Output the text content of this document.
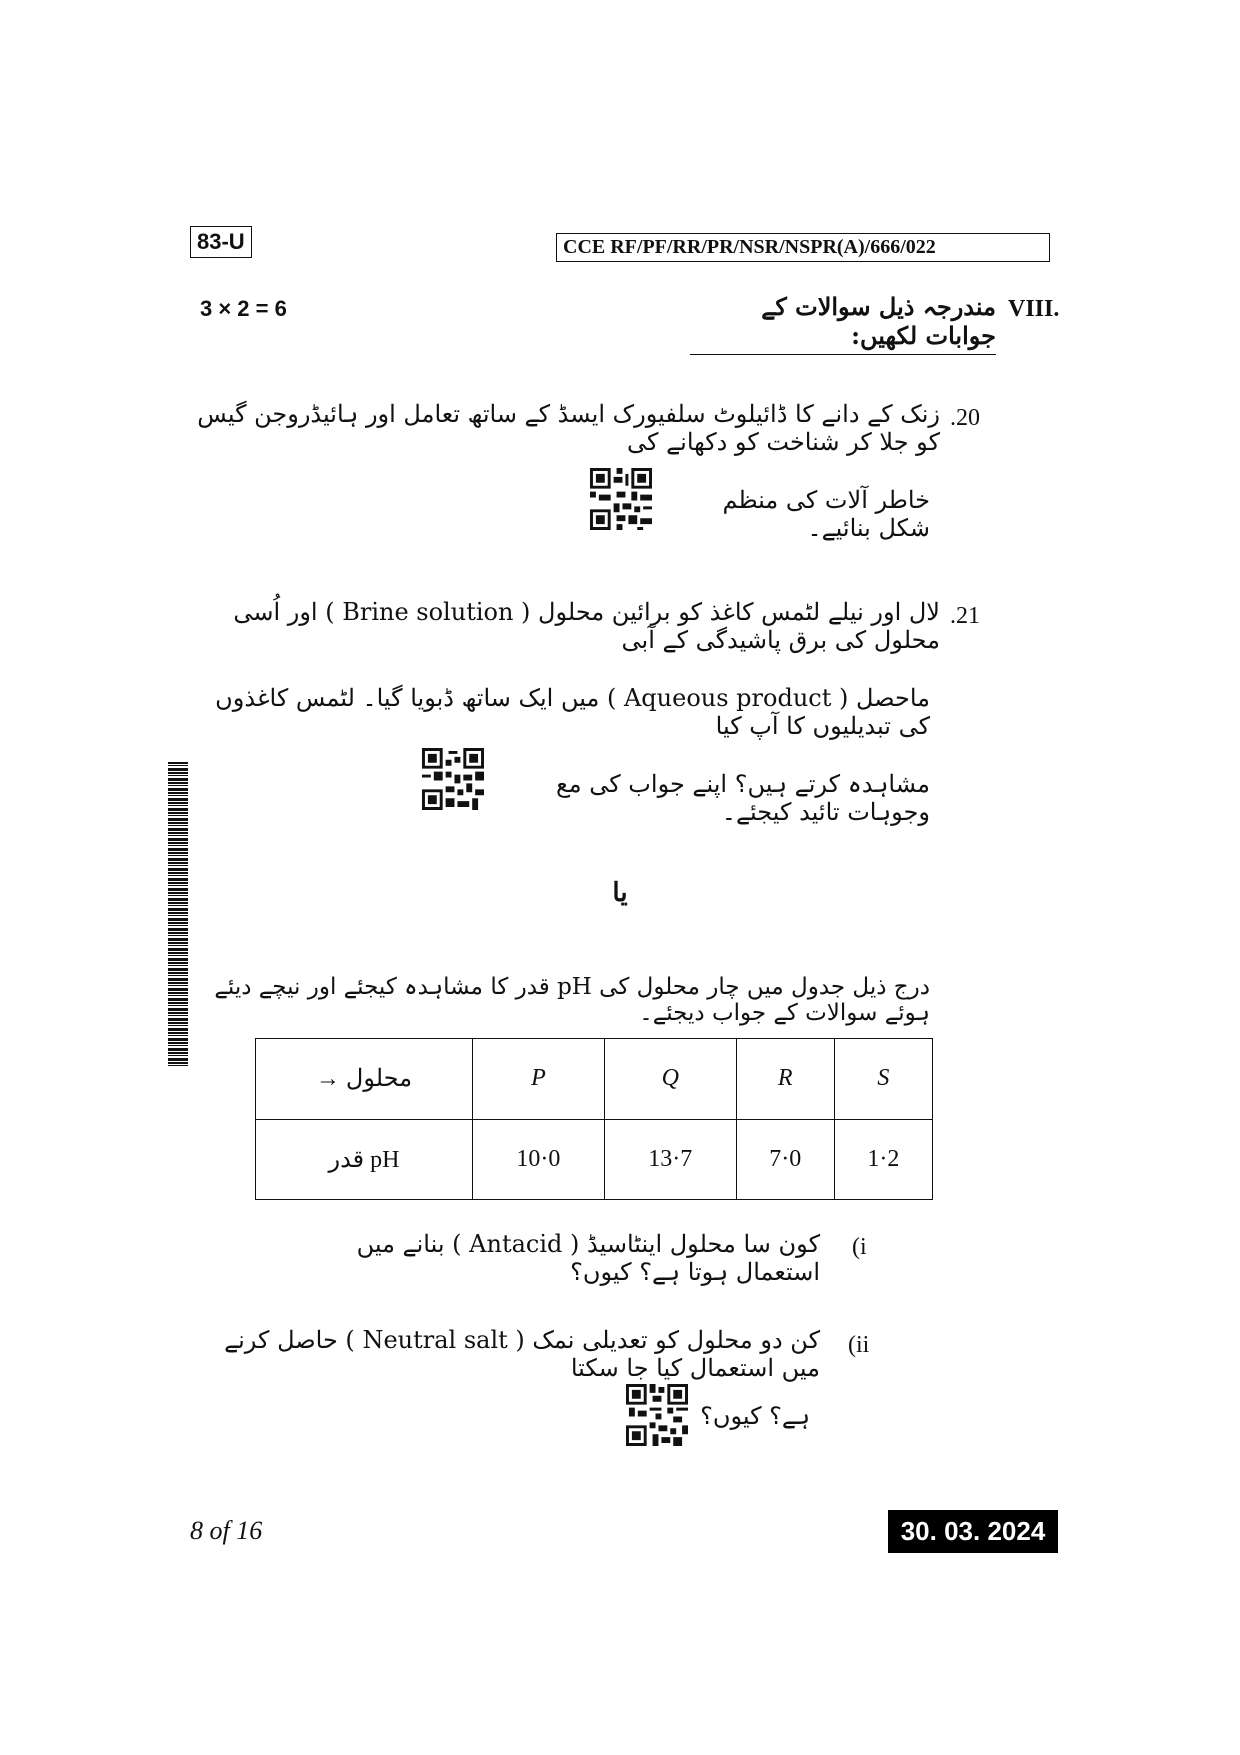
83-U	CCE RF/PF/RR/PR/NSR/NSPR(A)/666/022
3 × 2 = 6	مندرجہ ذیل سوالات کے جوابات لکھیں:
VIII.
.20
زنک کے دانے کا ڈائیلوٹ سلفیورک ایسڈ کے ساتھ تعامل اور ہائیڈروجن گیس کو جلا کر شناخت کو دکھانے کی
خاطر آلات کی منظم شکل بنائیے۔
.21
لال اور نیلے لٹمس کاغذ کو برائین محلول ( Brine solution ) اور اُسی محلول کی برق پاشیدگی کے آبی
ماحصل ( Aqueous product ) میں ایک ساتھ ڈبویا گیا۔ لٹمس کاغذوں کی تبدیلیوں کا آپ کیا
مشاہدہ کرتے ہیں؟ اپنے جواب کی مع وجوہات تائید کیجئے۔
یا
درج ذیل جدول میں چار محلول کی pH قدر کا مشاہدہ کیجئے اور نیچے دیئے ہوئے سوالات کے جواب دیجئے۔
محلول →	P	Q	R	S
pH قدر	10·0	13·7	7·0	1·2
(i
کون سا محلول اینٹاسیڈ ( Antacid ) بنانے میں استعمال ہوتا ہے؟ کیوں؟
(ii
کن دو محلول کو تعدیلی نمک ( Neutral salt ) حاصل کرنے میں استعمال کیا جا سکتا
ہے؟ کیوں؟
8 of 16	30. 03. 2024
